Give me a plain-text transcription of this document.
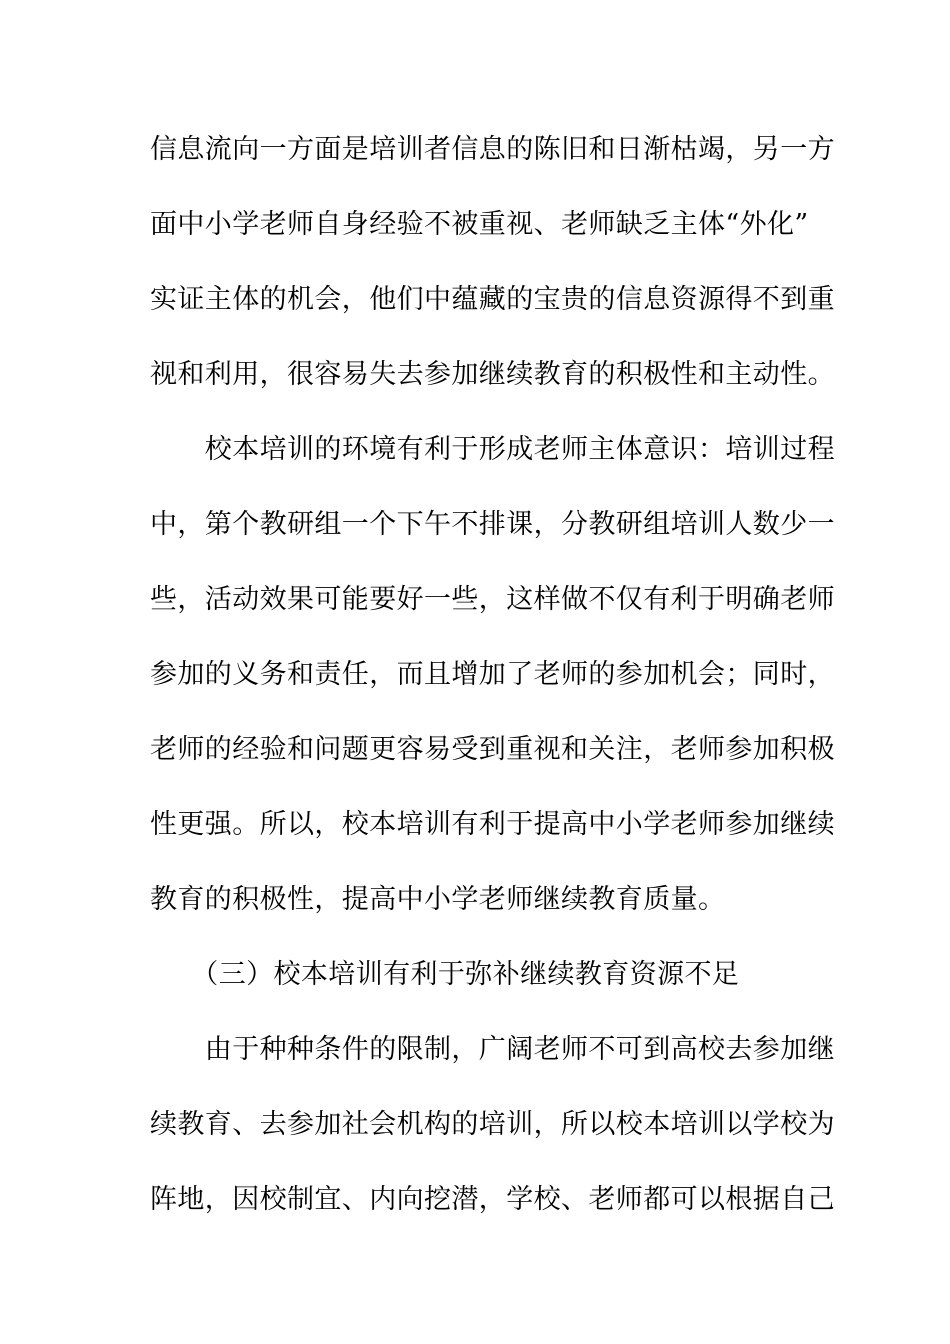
信息流向一方面是培训者信息的陈旧和日渐枯竭，另一方
面中小学老师自身经验不被重视、老师缺乏主体“外化”
实证主体的机会，他们中蕴藏的宝贵的信息资源得不到重
视和利用，很容易失去参加继续教育的积极性和主动性。
　　校本培训的环境有利于形成老师主体意识：培训过程
中，第个教研组一个下午不排课，分教研组培训人数少一
些，活动效果可能要好一些，这样做不仅有利于明确老师
参加的义务和责任，而且增加了老师的参加机会；同时，
老师的经验和问题更容易受到重视和关注，老师参加积极
性更强。所以，校本培训有利于提高中小学老师参加继续
教育的积极性，提高中小学老师继续教育质量。
　　（三）校本培训有利于弥补继续教育资源不足
　　由于种种条件的限制，广阔老师不可到高校去参加继
续教育、去参加社会机构的培训，所以校本培训以学校为
阵地，因校制宜、内向挖潜，学校、老师都可以根据自己
